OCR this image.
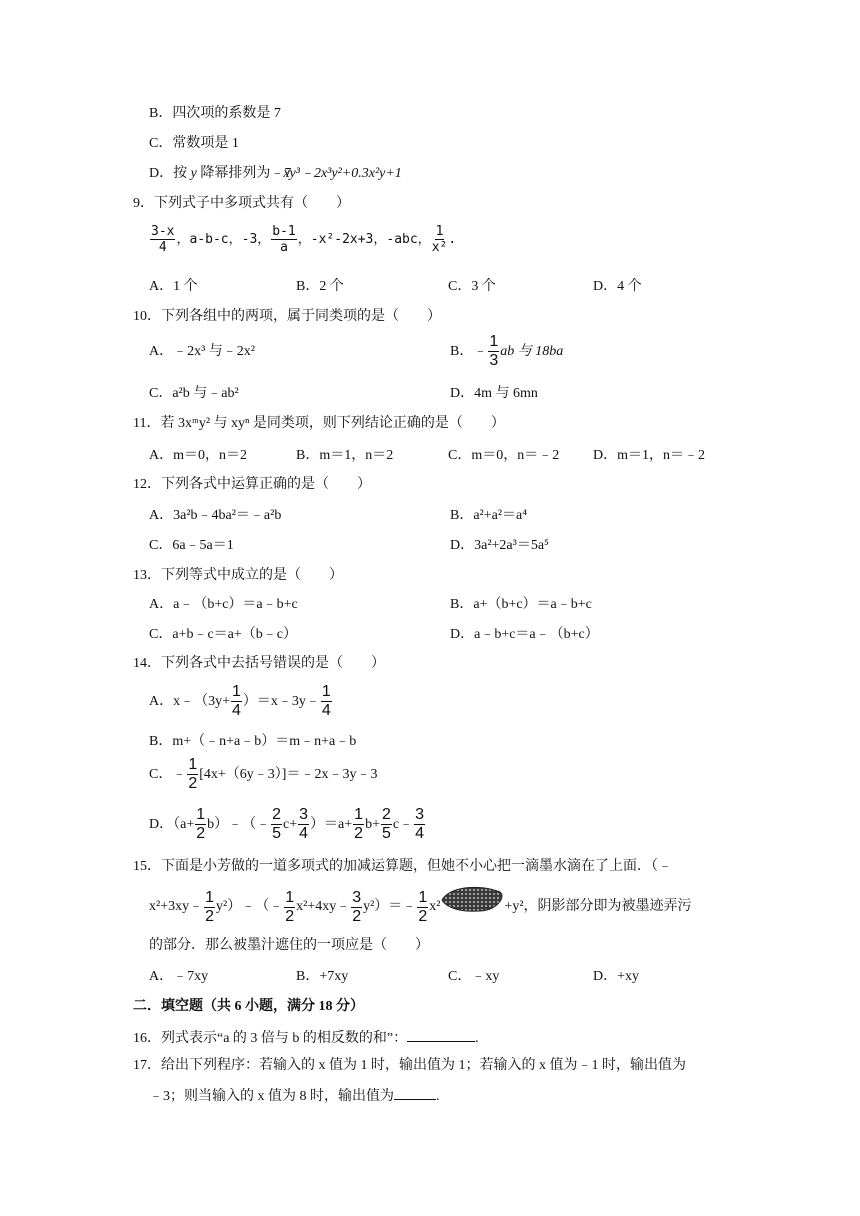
B．四次项的系数是 7
C．常数项是 1
D．按 y 降幂排列为﹣7xy³﹣2x³y²+0.3x²y+1
9．下列式子中多项式共有（　　）
$\frac{3-x}{4}$ ，a-b-c，-3， $\frac{b-1}{a}$ ，-x²-2x+3，-abc， $\frac{1}{\text{x²}}$ .
A．1 个	B．2 个	C．3 个	D．4 个
10．下列各组中的两项，属于同类项的是（　　）
A．﹣2x³ 与﹣2x²	B．﹣ $\frac{1}{3}$ ab 与 18ba
C．a²b 与﹣ab²	D．4m 与 6mn
11．若 3xᵐy² 与 xyⁿ 是同类项，则下列结论正确的是（　　）
A．m＝0，n＝2	B．m＝1，n＝2	C．m＝0，n＝﹣2 D．m＝1，n＝﹣2
12．下列各式中运算正确的是（　　）
A．3a²b﹣4ba²＝﹣a²b	B．a²+a²＝a⁴
C．6a﹣5a＝1	D．3a²+2a³＝5a⁵
13．下列等式中成立的是（　　）
A．a﹣（b+c）＝a﹣b+c	B．a+（b+c）＝a﹣b+c
C．a+b﹣c＝a+（b﹣c）	D．a﹣b+c＝a﹣（b+c）
14．下列各式中去括号错误的是（　　）
A．x﹣（3y+ $\frac{1}{4}$ ）＝x﹣3y﹣ $\frac{1}{4}$
B．m+（﹣n+a﹣b）＝m﹣n+a﹣b
C．﹣ $\frac{1}{2}$ [4x+（6y﹣3）]＝﹣2x﹣3y﹣3
D．（$a+ \frac{1}{2}$ b）﹣（﹣ $\frac{2}{5} c+ \frac{3}{4} )=a+ \frac{1}{2} b+ \frac{2}{5}$ c﹣ $\frac{3}{4}$
15．下面是小芳做的一道多项式的加减运算题，但她不小心把一滴墨水滴在了上面．（﹣
x²+3xy﹣ $\frac{1}{2}$ y²）﹣（﹣ $\frac{1}{2}$ x²+4xy﹣ $\frac{3}{2}$ y²）＝﹣ $\frac{1}{2} x^2$	+y²，阴影部分即为被墨迹弄污
的部分．那么被墨汁遮住的一项应是（　　）
A．﹣7xy	B．+7xy	C．﹣xy	D．+xy
二．填空题（共 6 小题，满分 18 分）
16．列式表示“a 的 3 倍与 b 的相反数的和”：	.
17．给出下列程序：若输入的 x 值为 1 时，输出值为 1；若输入的 x 值为﹣1 时，输出值为
﹣3；则当输入的 x 值为 8 时，输出值为	.
